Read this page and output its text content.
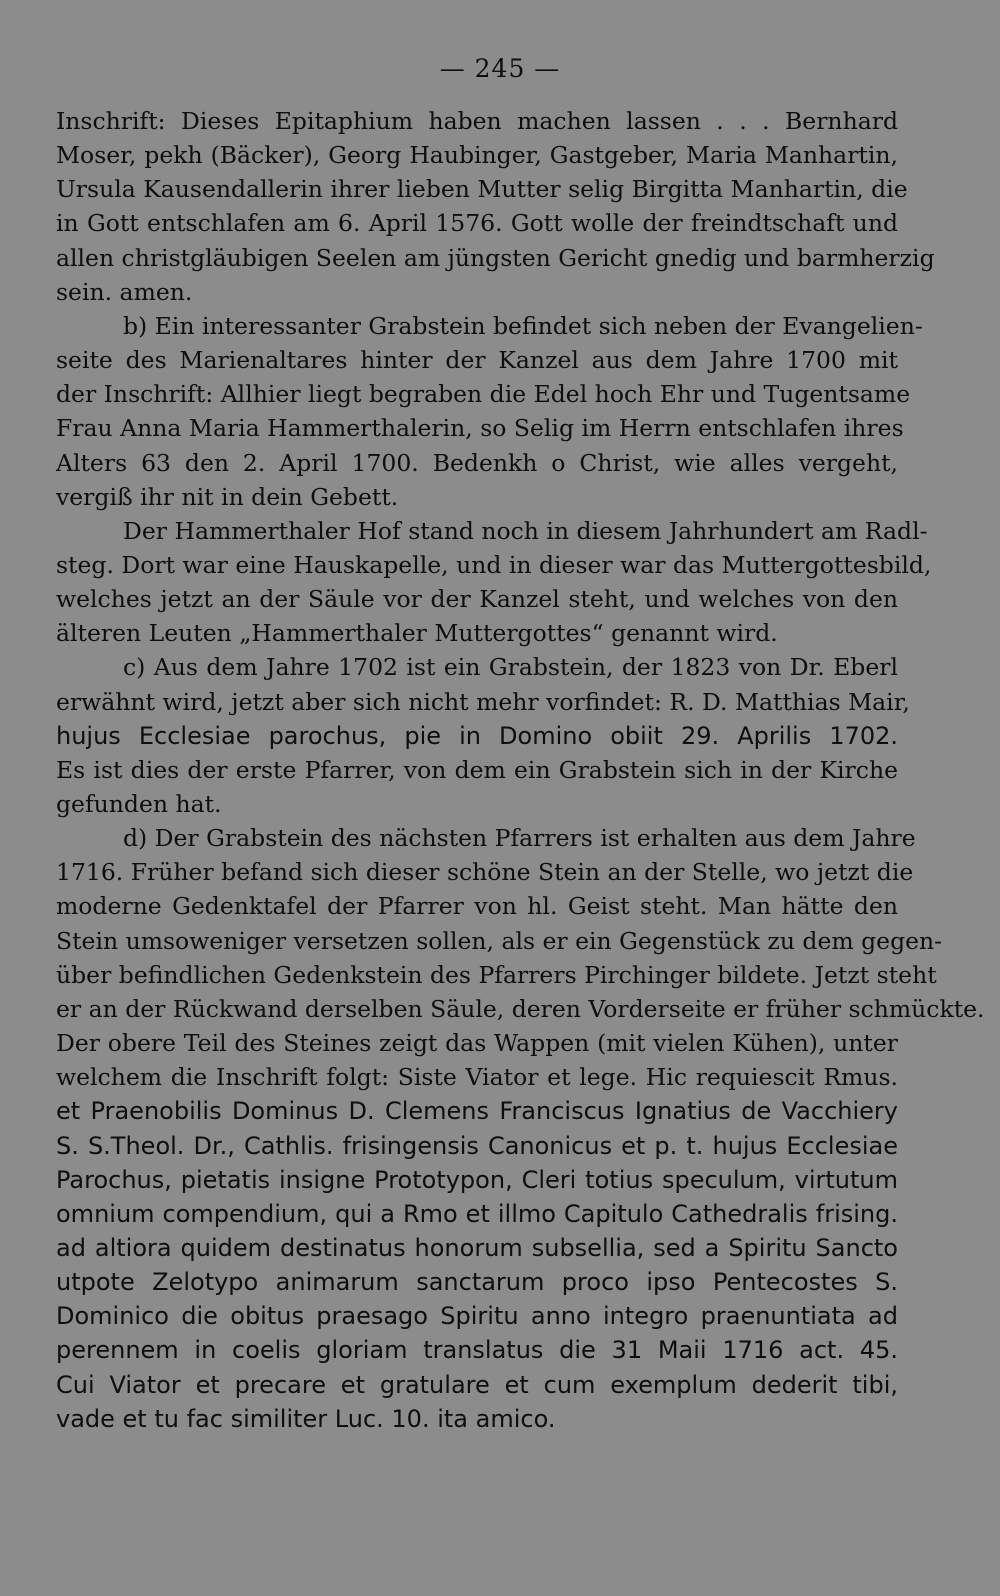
— 245 —
Inschrift: Dieses Epitaphium haben machen lassen . . . Bernhard
Moser, pekh (Bäcker), Georg Haubinger, Gastgeber, Maria Manhartin,
Ursula Kausendallerin ihrer lieben Mutter selig Birgitta Manhartin, die
in Gott entschlafen am 6. April 1576. Gott wolle der freindtschaft und
allen christgläubigen Seelen am jüngsten Gericht gnedig und barmherzig
sein. amen.
b) Ein interessanter Grabstein befindet sich neben der Evangelien-
seite des Marienaltares hinter der Kanzel aus dem Jahre 1700 mit
der Inschrift: Allhier liegt begraben die Edel hoch Ehr und Tugentsame
Frau Anna Maria Hammerthalerin, so Selig im Herrn entschlafen ihres
Alters 63 den 2. April 1700. Bedenkh o Christ, wie alles vergeht,
vergiß ihr nit in dein Gebett.
Der Hammerthaler Hof stand noch in diesem Jahrhundert am Radl-
steg. Dort war eine Hauskapelle, und in dieser war das Muttergottesbild,
welches jetzt an der Säule vor der Kanzel steht, und welches von den
älteren Leuten „Hammerthaler Muttergottes“ genannt wird.
c) Aus dem Jahre 1702 ist ein Grabstein, der 1823 von Dr. Eberl
erwähnt wird, jetzt aber sich nicht mehr vorfindet: R. D. Matthias Mair,
hujus Ecclesiae parochus, pie in Domino obiit 29. Aprilis 1702.
Es ist dies der erste Pfarrer, von dem ein Grabstein sich in der Kirche
gefunden hat.
d) Der Grabstein des nächsten Pfarrers ist erhalten aus dem Jahre
1716. Früher befand sich dieser schöne Stein an der Stelle, wo jetzt die
moderne Gedenktafel der Pfarrer von hl. Geist steht. Man hätte den
Stein umsoweniger versetzen sollen, als er ein Gegenstück zu dem gegen-
über befindlichen Gedenkstein des Pfarrers Pirchinger bildete. Jetzt steht
er an der Rückwand derselben Säule, deren Vorderseite er früher schmückte.
Der obere Teil des Steines zeigt das Wappen (mit vielen Kühen), unter
welchem die Inschrift folgt: Siste Viator et lege. Hic requiescit Rmus.
et Praenobilis Dominus D. Clemens Franciscus Ignatius de Vacchiery
S. S.Theol. Dr., Cathlis. frisingensis Canonicus et p. t. hujus Ecclesiae
Parochus, pietatis insigne Prototypon, Cleri totius speculum, virtutum
omnium compendium, qui a Rmo et illmo Capitulo Cathedralis frising.
ad altiora quidem destinatus honorum subsellia, sed a Spiritu Sancto
utpote Zelotypo animarum sanctarum proco ipso Pentecostes S.
Dominico die obitus praesago Spiritu anno integro praenuntiata ad
perennem in coelis gloriam translatus die 31 Maii 1716 act. 45.
Cui Viator et precare et gratulare et cum exemplum dederit tibi,
vade et tu fac similiter Luc. 10. ita amico.
